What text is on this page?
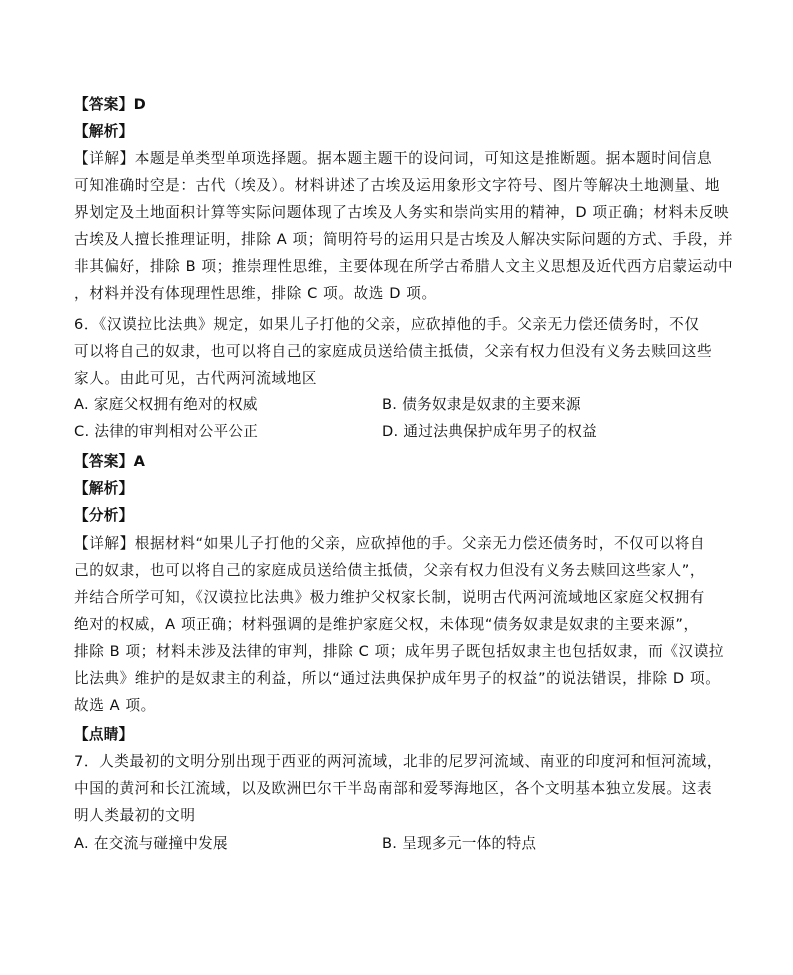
【答案】D
【解析】
【详解】本题是单类型单项选择题。据本题主题干的设问词，可知这是推断题。据本题时间信息
可知准确时空是：古代（埃及）。材料讲述了古埃及运用象形文字符号、图片等解决土地测量、地
界划定及土地面积计算等实际问题体现了古埃及人务实和崇尚实用的精神，D 项正确；材料未反映
古埃及人擅长推理证明，排除 A 项；简明符号的运用只是古埃及人解决实际问题的方式、手段，并
非其偏好，排除 B 项；推崇理性思维，主要体现在所学古希腊人文主义思想及近代西方启蒙运动中
，材料并没有体现理性思维，排除 C 项。故选 D 项。
6．《汉谟拉比法典》规定，如果儿子打他的父亲，应砍掉他的手。父亲无力偿还债务时，不仅
可以将自己的奴隶，也可以将自己的家庭成员送给债主抵债，父亲有权力但没有义务去赎回这些
家人。由此可见，古代两河流域地区
A. 家庭父权拥有绝对的权威	B. 债务奴隶是奴隶的主要来源
C. 法律的审判相对公平公正	D. 通过法典保护成年男子的权益
【答案】A
【解析】
【分析】
【详解】根据材料“如果儿子打他的父亲，应砍掉他的手。父亲无力偿还债务时，不仅可以将自
己的奴隶，也可以将自己的家庭成员送给债主抵债，父亲有权力但没有义务去赎回这些家人”，
并结合所学可知，《汉谟拉比法典》极力维护父权家长制，说明古代两河流域地区家庭父权拥有
绝对的权威，A 项正确；材料强调的是维护家庭父权，未体现“债务奴隶是奴隶的主要来源”，
排除 B 项；材料未涉及法律的审判，排除 C 项；成年男子既包括奴隶主也包括奴隶，而《汉谟拉
比法典》维护的是奴隶主的利益，所以“通过法典保护成年男子的权益”的说法错误，排除 D 项。
故选 A 项。
【点睛】
7．人类最初的文明分别出现于西亚的两河流域，北非的尼罗河流域、南亚的印度河和恒河流域，
中国的黄河和长江流域，以及欧洲巴尔干半岛南部和爱琴海地区，各个文明基本独立发展。这表
明人类最初的文明
A. 在交流与碰撞中发展	B. 呈现多元一体的特点
